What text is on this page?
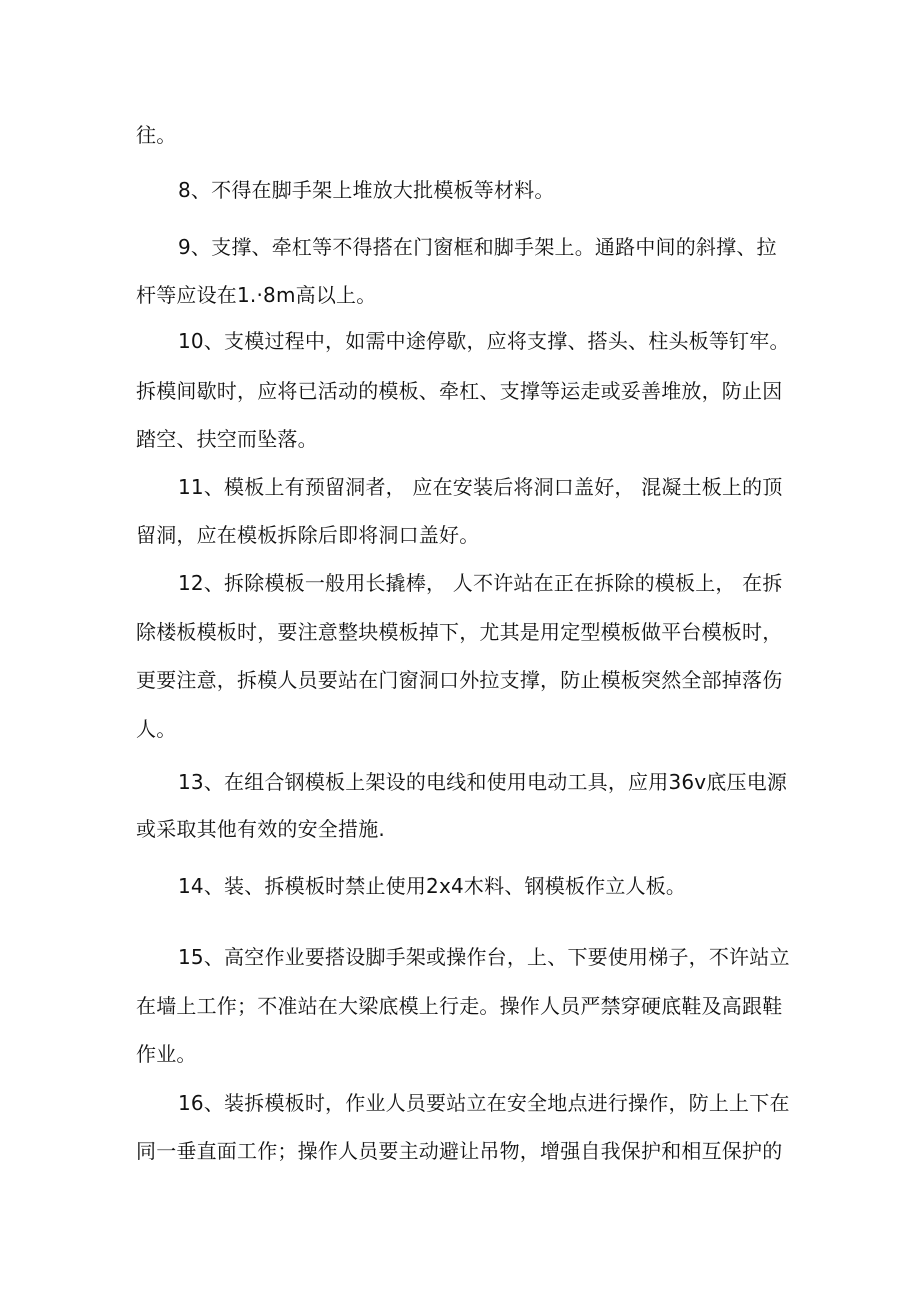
往。
8、不得在脚手架上堆放大批模板等材料。
9、支撑、牵杠等不得搭在门窗框和脚手架上。通路中间的斜撑、拉
杆等应设在1.·8m高以上。
10、支模过程中，如需中途停歇，应将支撑、搭头、柱头板等钉牢。
拆模间歇时，应将已活动的模板、牵杠、支撑等运走或妥善堆放，防止因
踏空、扶空而坠落。
11、模板上有预留洞者， 应在安装后将洞口盖好， 混凝土板上的顶
留洞，应在模板拆除后即将洞口盖好。
12、拆除模板一般用长撬棒， 人不许站在正在拆除的模板上， 在拆
除楼板模板时，要注意整块模板掉下，尤其是用定型模板做平台模板时，
更要注意，拆模人员要站在门窗洞口外拉支撑，防止模板突然全部掉落伤
人。
13、在组合钢模板上架设的电线和使用电动工具，应用36v底压电源
或采取其他有效的安全措施.
14、装、拆模板时禁止使用2x4木料、钢模板作立人板。
15、高空作业要搭设脚手架或操作台，上、下要使用梯子，不许站立
在墙上工作；不准站在大梁底模上行走。操作人员严禁穿硬底鞋及高跟鞋
作业。
16、装拆模板时，作业人员要站立在安全地点进行操作，防上上下在
同一垂直面工作；操作人员要主动避让吊物，增强自我保护和相互保护的
